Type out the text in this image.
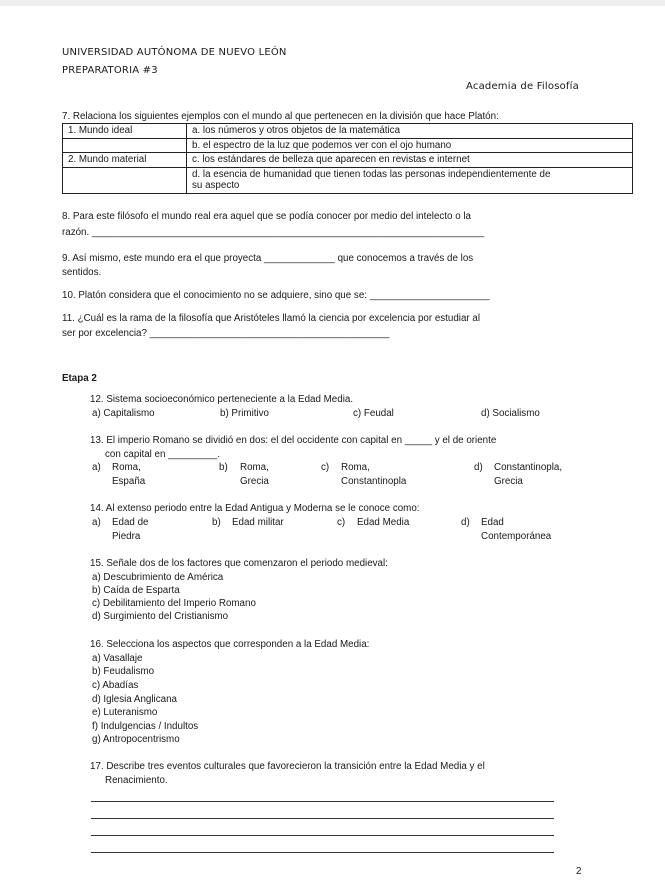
UNIVERSIDAD AUTÓNOMA DE NUEVO LEÓN
PREPARATORIA #3
Academia de Filosofía
7. Relaciona los siguientes ejemplos con el mundo al que pertenecen en la división que hace Platón:
1. Mundo ideal	a. los números y otros objetos de la matemática
	b. el espectro de la luz que podemos ver con el ojo humano
2. Mundo material	c. los estándares de belleza que aparecen en revistas e internet
	d. la esencia de humanidad que tienen todas las personas independientemente de
su aspecto
8. Para este filósofo el mundo real era aquel que se podía conocer por medio del intelecto o la
razón. ________________________________________________________________________
9. Así mismo, este mundo era el que proyecta _____________ que conocemos a través de los
sentidos.
10. Platón considera que el conocimiento no se adquiere, sino que se: ______________________
11. ¿Cuál es la rama de la filosofía que Aristóteles llamó la ciencia por excelencia por estudiar al
ser por excelencia? ____________________________________________
Etapa 2
12. Sistema socioeconómico perteneciente a la Edad Media.
a) Capitalismo	b) Primitivo	c) Feudal	d) Socialismo
13. El imperio Romano se dividió en dos: el del occidente con capital en _____ y el de oriente
con capital en _________.
a) Roma,
España
b) Roma,
Grecia
c) Roma,
Constantinopla
d) Constantinopla,
Grecia
14. Al extenso periodo entre la Edad Antigua y Moderna se le conoce como:
a) Edad de
Piedra
b) Edad militar	c) Edad Media	d) Edad
Contemporánea
15. Señale dos de los factores que comenzaron el periodo medieval:
a) Descubrimiento de América
b) Caída de Esparta
c) Debilitamiento del Imperio Romano
d) Surgimiento del Cristianismo
16. Selecciona los aspectos que corresponden a la Edad Media:
a) Vasallaje
b) Feudalismo
c) Abadías
d) Iglesia Anglicana
e) Luteranismo
f) Indulgencias / Indultos
g) Antropocentrismo
17. Describe tres eventos culturales que favorecieron la transición entre la Edad Media y el
Renacimiento.
2
